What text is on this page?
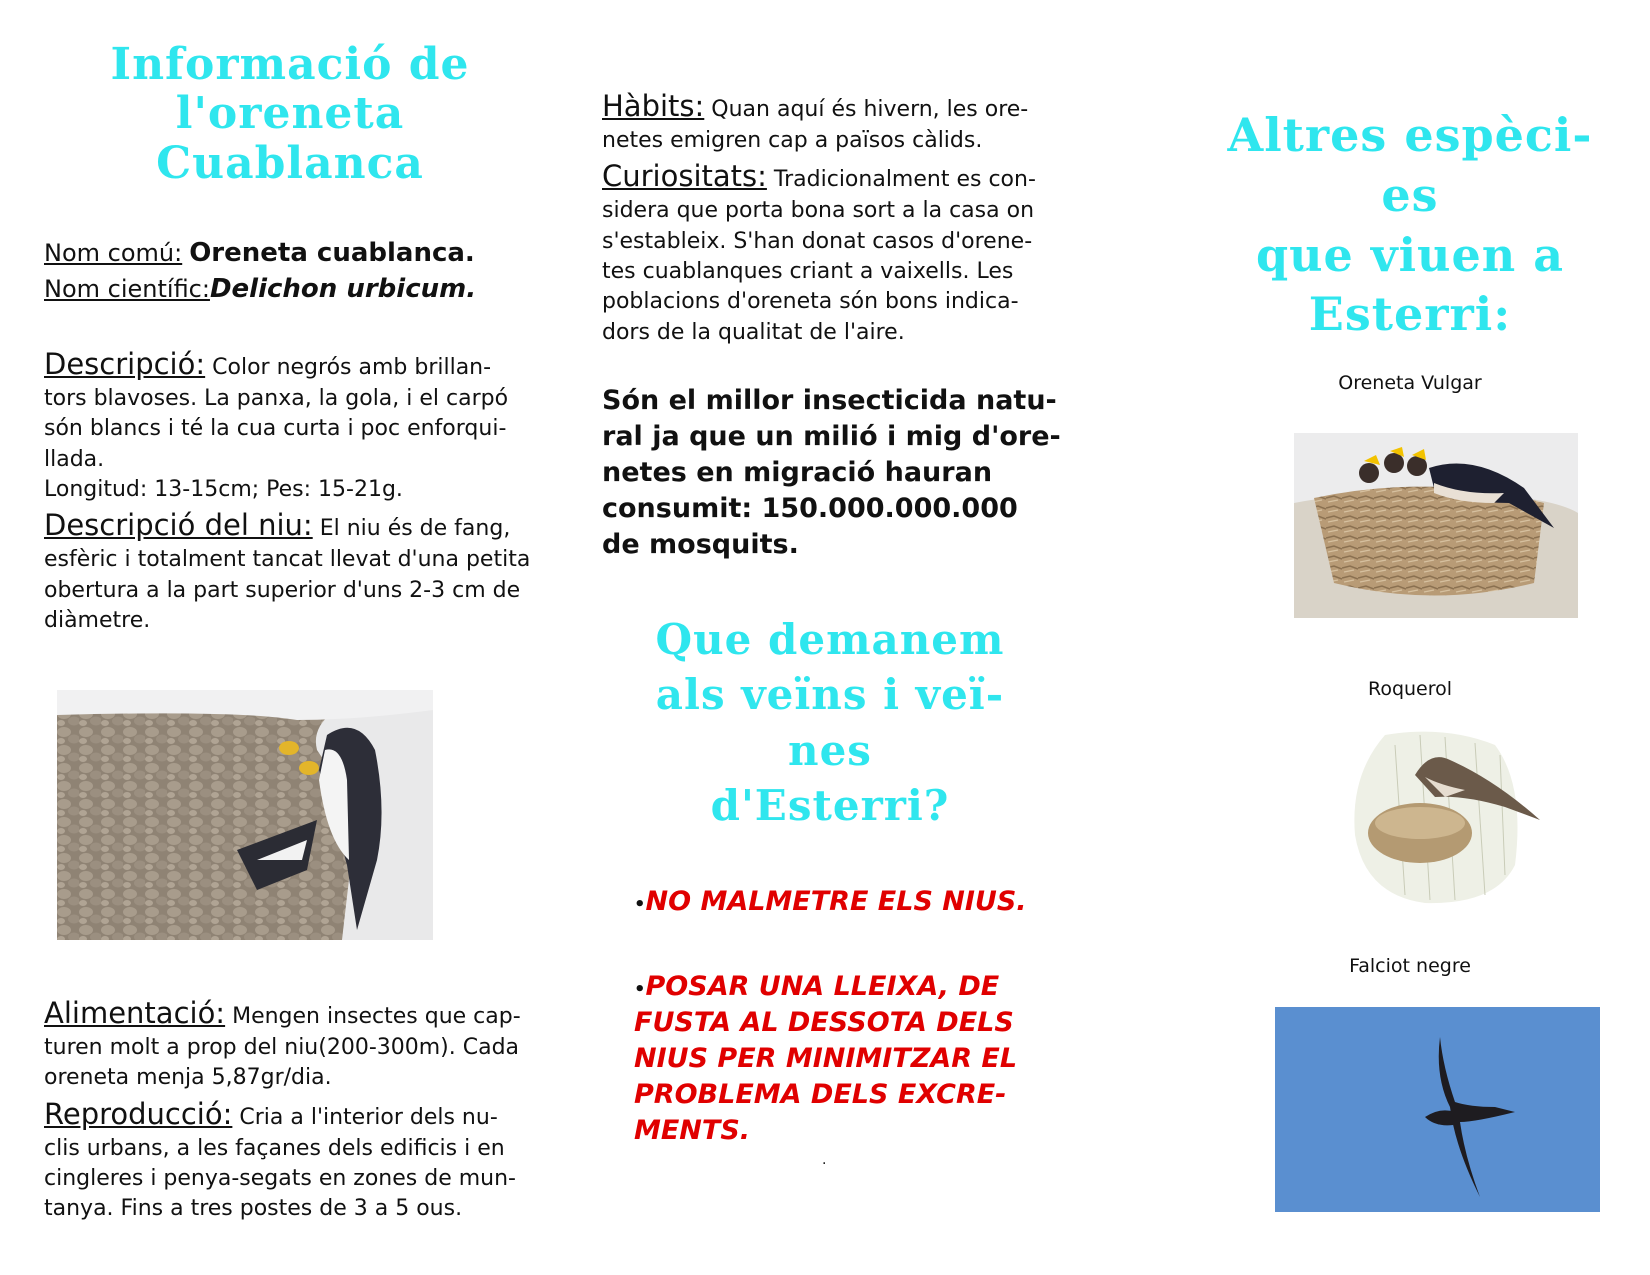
Informació de
l'oreneta
Cuablanca
Nom comú: Oreneta cuablanca.
Nom científic:Delichon urbicum.
Descripció: Color negrós amb brillan-
tors blavoses. La panxa, la gola, i el carpó
són blancs i té la cua curta i poc enforqui-
llada.
Longitud: 13-15cm; Pes: 15-21g.
Descripció del niu: El niu és de fang,
esfèric i totalment tancat llevat d'una petita
obertura a la part superior d'uns 2-3 cm de
diàmetre.
Alimentació: Mengen insectes que cap-
turen molt a prop del niu(200-300m). Cada
oreneta menja 5,87gr/dia.
Reproducció: Cria a l'interior dels nu-
clis urbans, a les façanes dels edificis i en
cingleres i penya-segats en zones de mun-
tanya. Fins a tres postes de 3 a 5 ous.
Hàbits: Quan aquí és hivern, les ore-
netes emigren cap a països càlids.
Curiositats: Tradicionalment es con-
sidera que porta bona sort a la casa on
s'estableix. S'han donat casos d'orene-
tes cuablanques criant a vaixells. Les
poblacions d'oreneta són bons indica-
dors de la qualitat de l'aire.
Són el millor insecticida natu-
ral ja que un milió i mig d'ore-
netes en migració hauran
consumit: 150.000.000.000
de mosquits.
Que demanem
als veïns i veï-
nes
d'Esterri?
•NO MALMETRE ELS NIUS.
•POSAR UNA LLEIXA, DE
FUSTA AL DESSOTA DELS
NIUS PER MINIMITZAR EL
PROBLEMA DELS EXCRE-
MENTS.
.
Altres espèci-
es
que viuen a
Esterri:
Oreneta Vulgar
Roquerol
Falciot negre
